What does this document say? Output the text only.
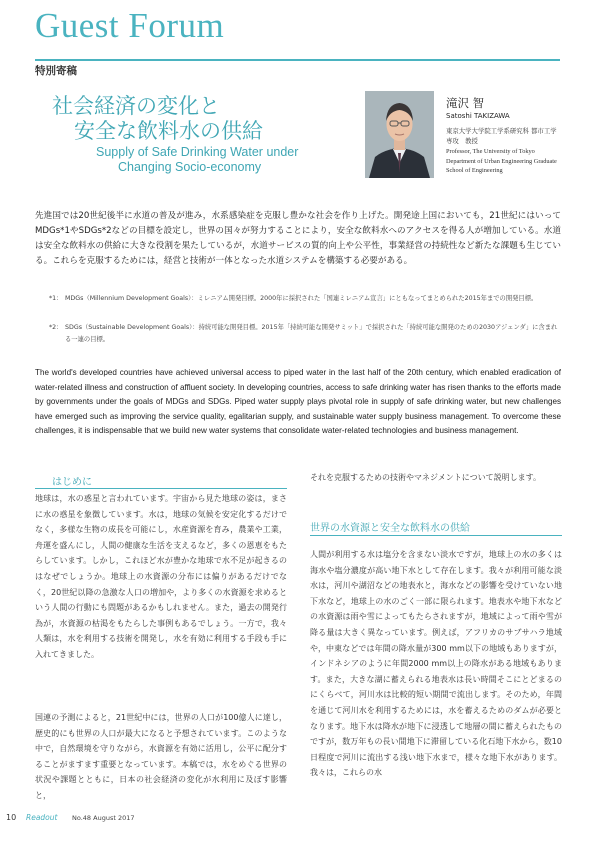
Guest Forum
特別寄稿
社会経済の変化と
安全な飲料水の供給
Supply of Safe Drinking Water under
Changing Socio-economy
滝沢 智
Satoshi TAKIZAWA
東京大学大学院工学系研究科 都市工学専攻　教授
Professor, The University of Tokyo Department of Urban Engineering Graduate School of Engineering
先進国では20世紀後半に水道の普及が進み，水系感染症を克服し豊かな社会を作り上げた。開発途上国においても，21世紀にはいってMDGs*1やSDGs*2などの目標を設定し，世界の国々が努力することにより，安全な飲料水へのアクセスを得る人が増加している。水道は安全な飲料水の供給に大きな役割を果たしているが，水道サービスの質的向上や公平性，事業経営の持続性など新たな課題も生じている。これらを克服するためには，経営と技術が一体となった水道システムを構築する必要がある。
*1： MDGs（Millennium Development Goals）：ミレニアム開発目標。2000年に採択された「国連ミレニアム宣言」にともなってまとめられた2015年までの開発目標。
*2： SDGs（Sustainable Development Goals）：持続可能な開発目標。2015年「持続可能な開発サミット」で採択された「持続可能な開発のための2030アジェンダ」に含まれる一連の目標。
The world's developed countries have achieved universal access to piped water in the last half of the 20th century, which enabled eradication of water-related illness and construction of affluent society. In developing countries, access to safe drinking water has risen thanks to the efforts made by governments under the goals of MDGs and SDGs. Piped water supply plays pivotal role in supply of safe drinking water, but new challenges have emerged such as improving the service quality, egalitarian supply, and sustainable water supply business management. To overcome these challenges, it is indispensable that we build new water systems that consolidate water-related technologies and business management.
はじめに
地球は，水の惑星と言われています。宇宙から見た地球の姿は，まさに水の惑星を象徴しています。水は，地球の気候を安定化するだけでなく，多様な生物の成長を可能にし，水産資源を育み，農業や工業，舟運を盛んにし，人間の健康な生活を支えるなど，多くの恩恵をもたらしています。しかし，これほど水が豊かな地球で水不足が起きるのはなぜでしょうか。地球上の水資源の分布には偏りがあるだけでなく，20世紀以降の急激な人口の増加や，より多くの水資源を求めるという人間の行動にも問題があるかもしれません。また，過去の開発行為が，水資源の枯渇をもたらした事例もあるでしょう。一方で，我々人類は，水を利用する技術を開発し，水を有効に利用する手段も手に入れてきました。
国連の予測によると，21世紀中には，世界の人口が100億人に達し，歴史的にも世界の人口が最大になると予想されています。このような中で，自然環境を守りながら，水資源を有効に活用し，公平に配分することがますます重要となっています。本稿では，水をめぐる世界の状況や課題とともに，日本の社会経済の変化が水利用に及ぼす影響と，
それを克服するための技術やマネジメントについて説明します。
世界の水資源と安全な飲料水の供給
人間が利用する水は塩分を含まない淡水ですが，地球上の水の多くは海水や塩分濃度が高い地下水として存在します。我々が利用可能な淡水は，河川や湖沼などの地表水と，海水などの影響を受けていない地下水など，地球上の水のごく一部に限られます。地表水や地下水などの水資源は雨や雪によってもたらされますが，地域によって雨や雪が降る量は大きく異なっています。例えば，アフリカのサブサハラ地域や，中東などでは年間の降水量が300 mm以下の地域もありますが，インドネシアのように年間2000 mm以上の降水がある地域もあります。また，大きな湖に蓄えられる地表水は長い時間そこにとどまるのにくらべて，河川水は比較的短い期間で流出します。そのため，年間を通じて河川水を利用するためには，水を蓄えるためのダムが必要となります。地下水は降水が地下に浸透して地層の間に蓄えられたものですが，数万年もの長い間地下に滞留している化石地下水から，数10日程度で河川に流出する浅い地下水まで，様々な地下水があります。我々は，これらの水
10 Readout No.48 August 2017
